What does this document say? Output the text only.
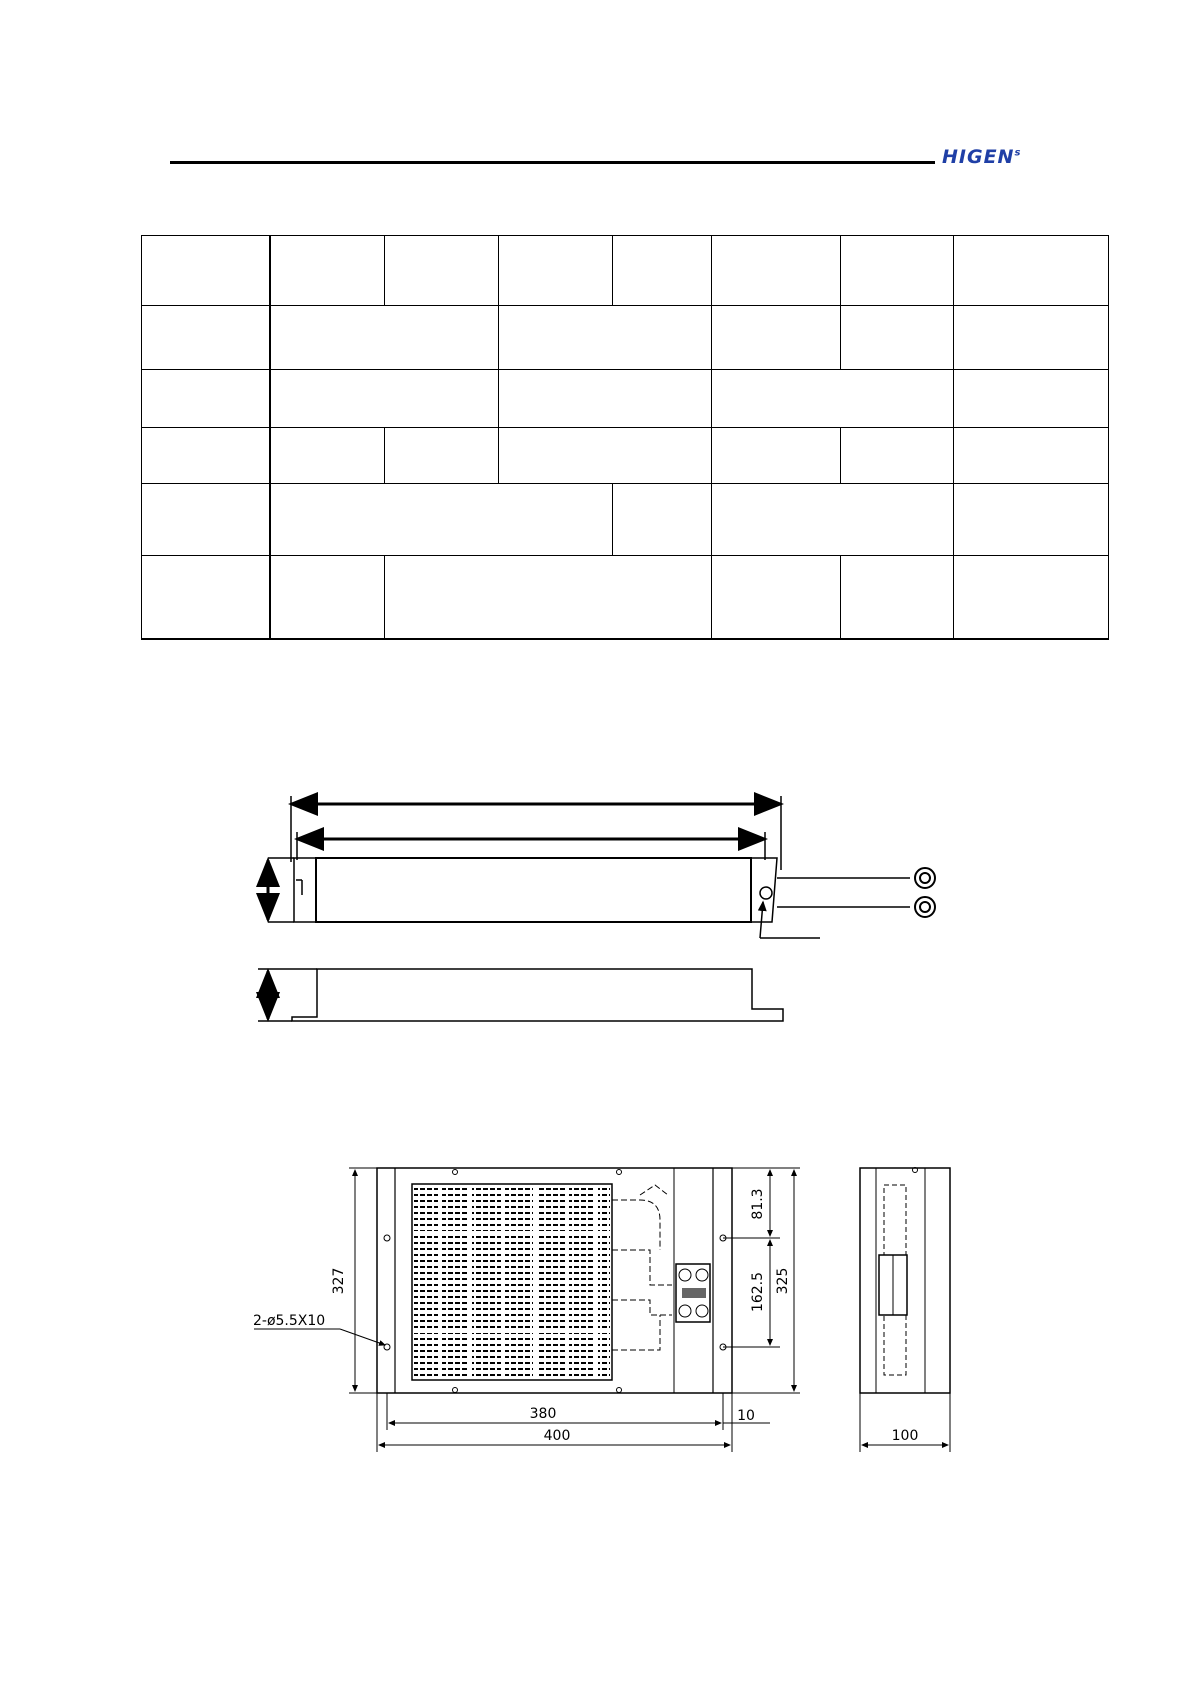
HIGEN$^s$

380
400
10
327	325
81.3
162.5
2-ø5.5X10
100
